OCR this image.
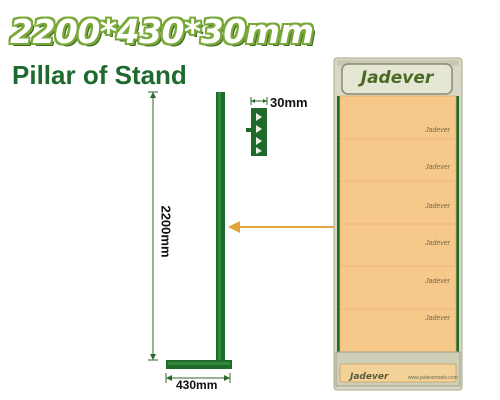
2200*430*30mm
Pillar of Stand
2200mm
430mm
30mm
Jadever
Jadever
Jadever
Jadever
Jadever
Jadever
Jadever
Jadever	www.jadevertools.com
